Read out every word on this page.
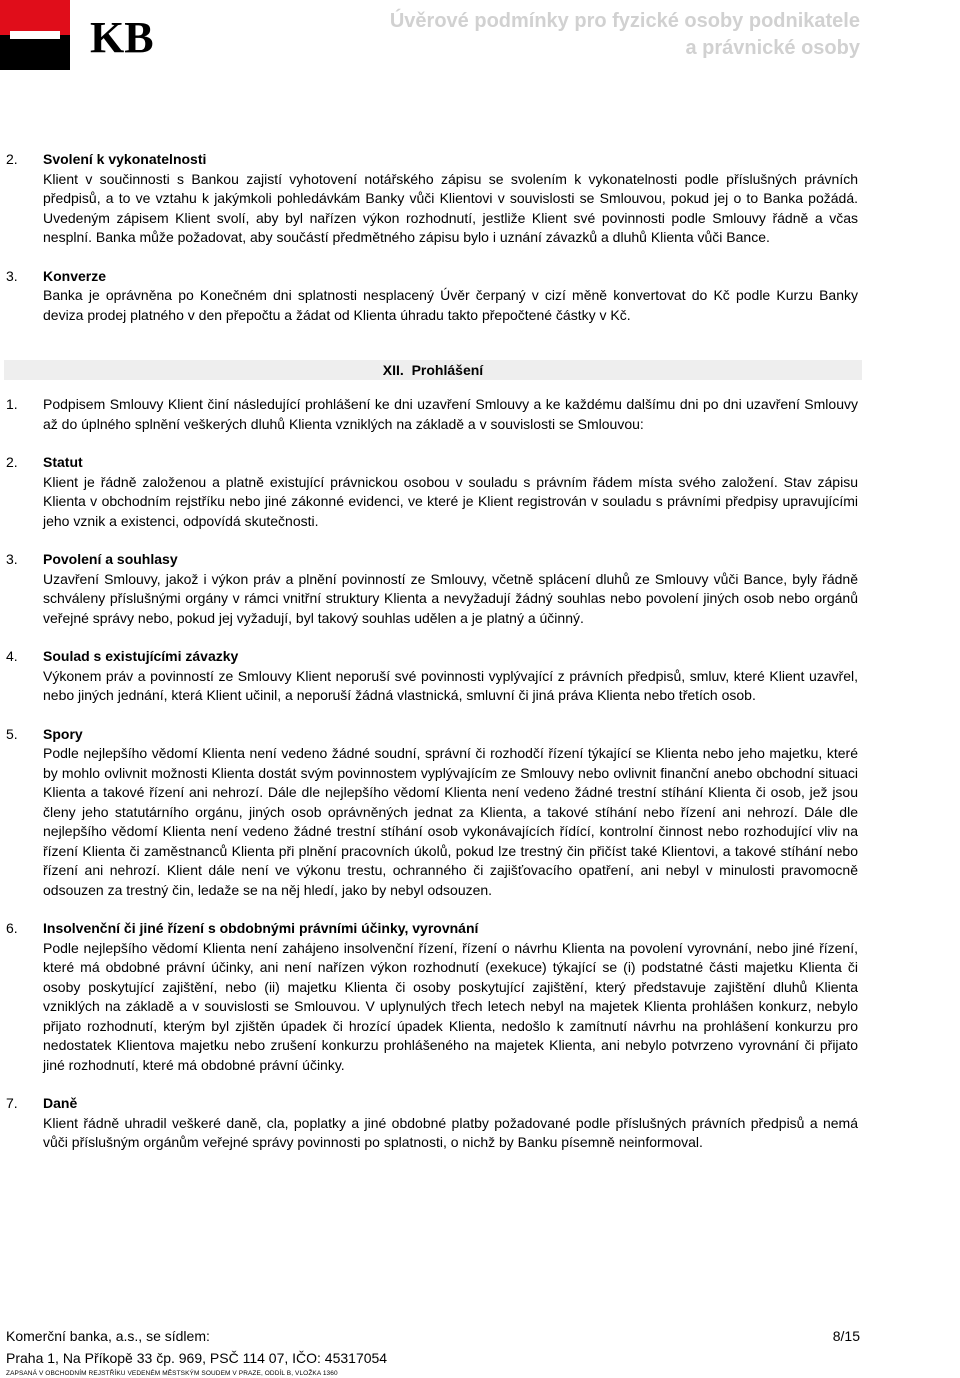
KB	Úvěrové podmínky pro fyzické osoby podnikatele
a právnické osoby
2. Svolení k vykonatelnosti
Klient v součinnosti s Bankou zajistí vyhotovení notářského zápisu se svolením k vykonatelnosti podle příslušných právních předpisů, a to ve vztahu k jakýmkoli pohledávkám Banky vůči Klientovi v souvislosti se Smlouvou, pokud jej o to Banka požádá. Uvedeným zápisem Klient svolí, aby byl nařízen výkon rozhodnutí, jestliže Klient své povinnosti podle Smlouvy řádně a včas nesplní. Banka může požadovat, aby součástí předmětného zápisu bylo i uznání závazků a dluhů Klienta vůči Bance.
3. Konverze
Banka je oprávněna po Konečném dni splatnosti nesplacený Úvěr čerpaný v cizí měně konvertovat do Kč podle Kurzu Banky deviza prodej platného v den přepočtu a žádat od Klienta úhradu takto přepočtené částky v Kč.
XII. Prohlášení
1. Podpisem Smlouvy Klient činí následující prohlášení ke dni uzavření Smlouvy a ke každému dalšímu dni po dni uzavření Smlouvy až do úplného splnění veškerých dluhů Klienta vzniklých na základě a v souvislosti se Smlouvou:
2. Statut
Klient je řádně založenou a platně existující právnickou osobou v souladu s právním řádem místa svého založení. Stav zápisu Klienta v obchodním rejstříku nebo jiné zákonné evidenci, ve které je Klient registrován v souladu s právními předpisy upravujícími jeho vznik a existenci, odpovídá skutečnosti.
3. Povolení a souhlasy
Uzavření Smlouvy, jakož i výkon práv a plnění povinností ze Smlouvy, včetně splácení dluhů ze Smlouvy vůči Bance, byly řádně schváleny příslušnými orgány v rámci vnitřní struktury Klienta a nevyžadují žádný souhlas nebo povolení jiných osob nebo orgánů veřejné správy nebo, pokud jej vyžadují, byl takový souhlas udělen a je platný a účinný.
4. Soulad s existujícími závazky
Výkonem práv a povinností ze Smlouvy Klient neporuší své povinnosti vyplývající z právních předpisů, smluv, které Klient uzavřel, nebo jiných jednání, která Klient učinil, a neporuší žádná vlastnická, smluvní či jiná práva Klienta nebo třetích osob.
5. Spory
Podle nejlepšího vědomí Klienta není vedeno žádné soudní, správní či rozhodčí řízení týkající se Klienta nebo jeho majetku, které by mohlo ovlivnit možnosti Klienta dostát svým povinnostem vyplývajícím ze Smlouvy nebo ovlivnit finanční anebo obchodní situaci Klienta a takové řízení ani nehrozí. Dále dle nejlepšího vědomí Klienta není vedeno žádné trestní stíhání Klienta či osob, jež jsou členy jeho statutárního orgánu, jiných osob oprávněných jednat za Klienta, a takové stíhání nebo řízení ani nehrozí. Dále dle nejlepšího vědomí Klienta není vedeno žádné trestní stíhání osob vykonávajících řídící, kontrolní činnost nebo rozhodující vliv na řízení Klienta či zaměstnanců Klienta při plnění pracovních úkolů, pokud lze trestný čin přičíst také Klientovi, a takové stíhání nebo řízení ani nehrozí. Klient dále není ve výkonu trestu, ochranného či zajišťovacího opatření, ani nebyl v minulosti pravomocně odsouzen za trestný čin, ledaže se na něj hledí, jako by nebyl odsouzen.
6. Insolvenční či jiné řízení s obdobnými právními účinky, vyrovnání
Podle nejlepšího vědomí Klienta není zahájeno insolvenční řízení, řízení o návrhu Klienta na povolení vyrovnání, nebo jiné řízení, které má obdobné právní účinky, ani není nařízen výkon rozhodnutí (exekuce) týkající se (i) podstatné části majetku Klienta či osoby poskytující zajištění, nebo (ii) majetku Klienta či osoby poskytující zajištění, který představuje zajištění dluhů Klienta vzniklých na základě a v souvislosti se Smlouvou. V uplynulých třech letech nebyl na majetek Klienta prohlášen konkurz, nebylo přijato rozhodnutí, kterým byl zjištěn úpadek či hrozící úpadek Klienta, nedošlo k zamítnutí návrhu na prohlášení konkurzu pro nedostatek Klientova majetku nebo zrušení konkurzu prohlášeného na majetek Klienta, ani nebylo potvrzeno vyrovnání či přijato jiné rozhodnutí, které má obdobné právní účinky.
7. Daně
Klient řádně uhradil veškeré daně, cla, poplatky a jiné obdobné platby požadované podle příslušných právních předpisů a nemá vůči příslušným orgánům veřejné správy povinnosti po splatnosti, o nichž by Banku písemně neinformoval.
Komerční banka, a.s., se sídlem:	8/15
Praha 1, Na Příkopě 33 čp. 969, PSČ 114 07, IČO: 45317054
ZAPSANÁ V OBCHODNÍM REJSTŘÍKU VEDENÉM MĚSTSKÝM SOUDEM V PRAZE, ODDÍL B, VLOŽKA 1360
